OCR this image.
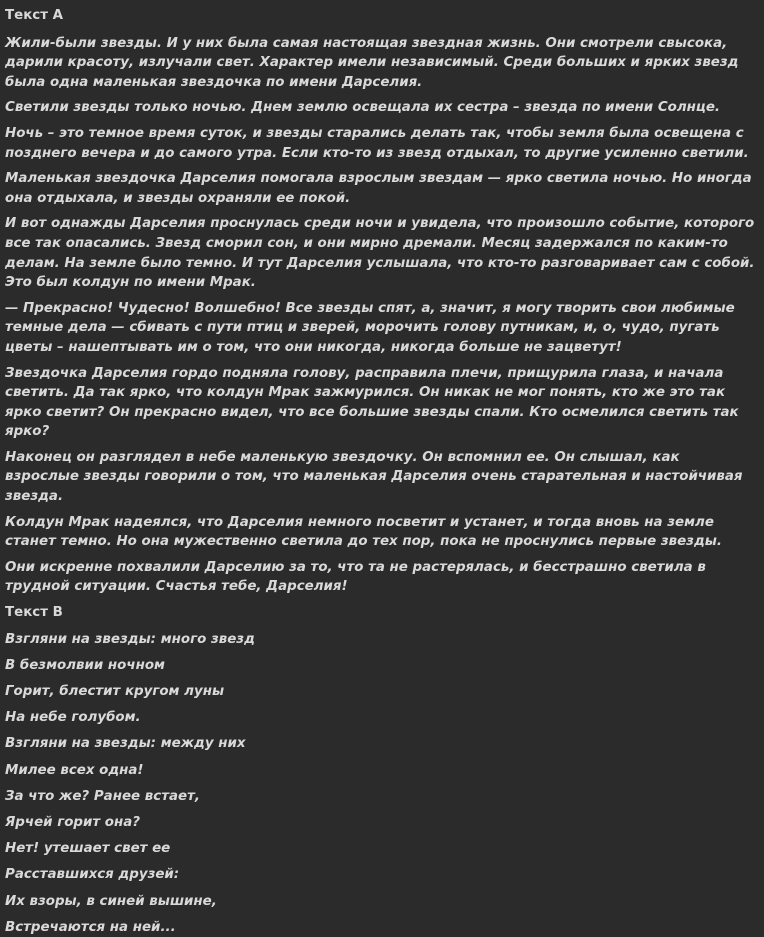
Текст А
Жили-были звезды. И у них была самая настоящая звездная жизнь. Они смотрели свысока, дарили красоту, излучали свет. Характер имели независимый. Среди больших и ярких звезд была одна маленькая звездочка по имени Дарселия.
Светили звезды только ночью. Днем землю освещала их сестра – звезда по имени Солнце.
Ночь – это темное время суток, и звезды старались делать так, чтобы земля была освещена с позднего вечера и до самого утра. Если кто-то из звезд отдыхал, то другие усиленно светили.
Маленькая звездочка Дарселия помогала взрослым звездам — ярко светила ночью. Но иногда она отдыхала, и звезды охраняли ее покой.
И вот однажды Дарселия проснулась среди ночи и увидела, что произошло событие, которого все так опасались. Звезд сморил сон, и они мирно дремали. Месяц задержался по каким-то делам. На земле было темно. И тут Дарселия услышала, что кто-то разговаривает сам с собой. Это был колдун по имени Мрак.
— Прекрасно! Чудесно! Волшебно! Все звезды спят, а, значит, я могу творить свои любимые темные дела — сбивать с пути птиц и зверей, морочить голову путникам, и, о, чудо, пугать цветы – нашептывать им о том, что они никогда, никогда больше не зацветут!
Звездочка Дарселия гордо подняла голову, расправила плечи, прищурила глаза, и начала светить. Да так ярко, что колдун Мрак зажмурился. Он никак не мог понять, кто же это так ярко светит? Он прекрасно видел, что все большие звезды спали. Кто осмелился светить так ярко?
Наконец он разглядел в небе маленькую звездочку. Он вспомнил ее. Он слышал, как взрослые звезды говорили о том, что маленькая Дарселия очень старательная и настойчивая звезда.
Колдун Мрак надеялся, что Дарселия немного посветит и устанет, и тогда вновь на земле станет темно. Но она мужественно светила до тех пор, пока не проснулись первые звезды.
Они искренне похвалили Дарселию за то, что та не растерялась, и бесстрашно светила в трудной ситуации. Счастья тебе, Дарселия!
Текст В
Взгляни на звезды: много звезд
В безмолвии ночном
Горит, блестит кругом луны
На небе голубом.
Взгляни на звезды: между них
Милее всех одна!
За что же? Ранее встает,
Ярчей горит она?
Нет! утешает свет ее
Расставшихся друзей:
Их взоры, в синей вышине,
Встречаются на ней...
